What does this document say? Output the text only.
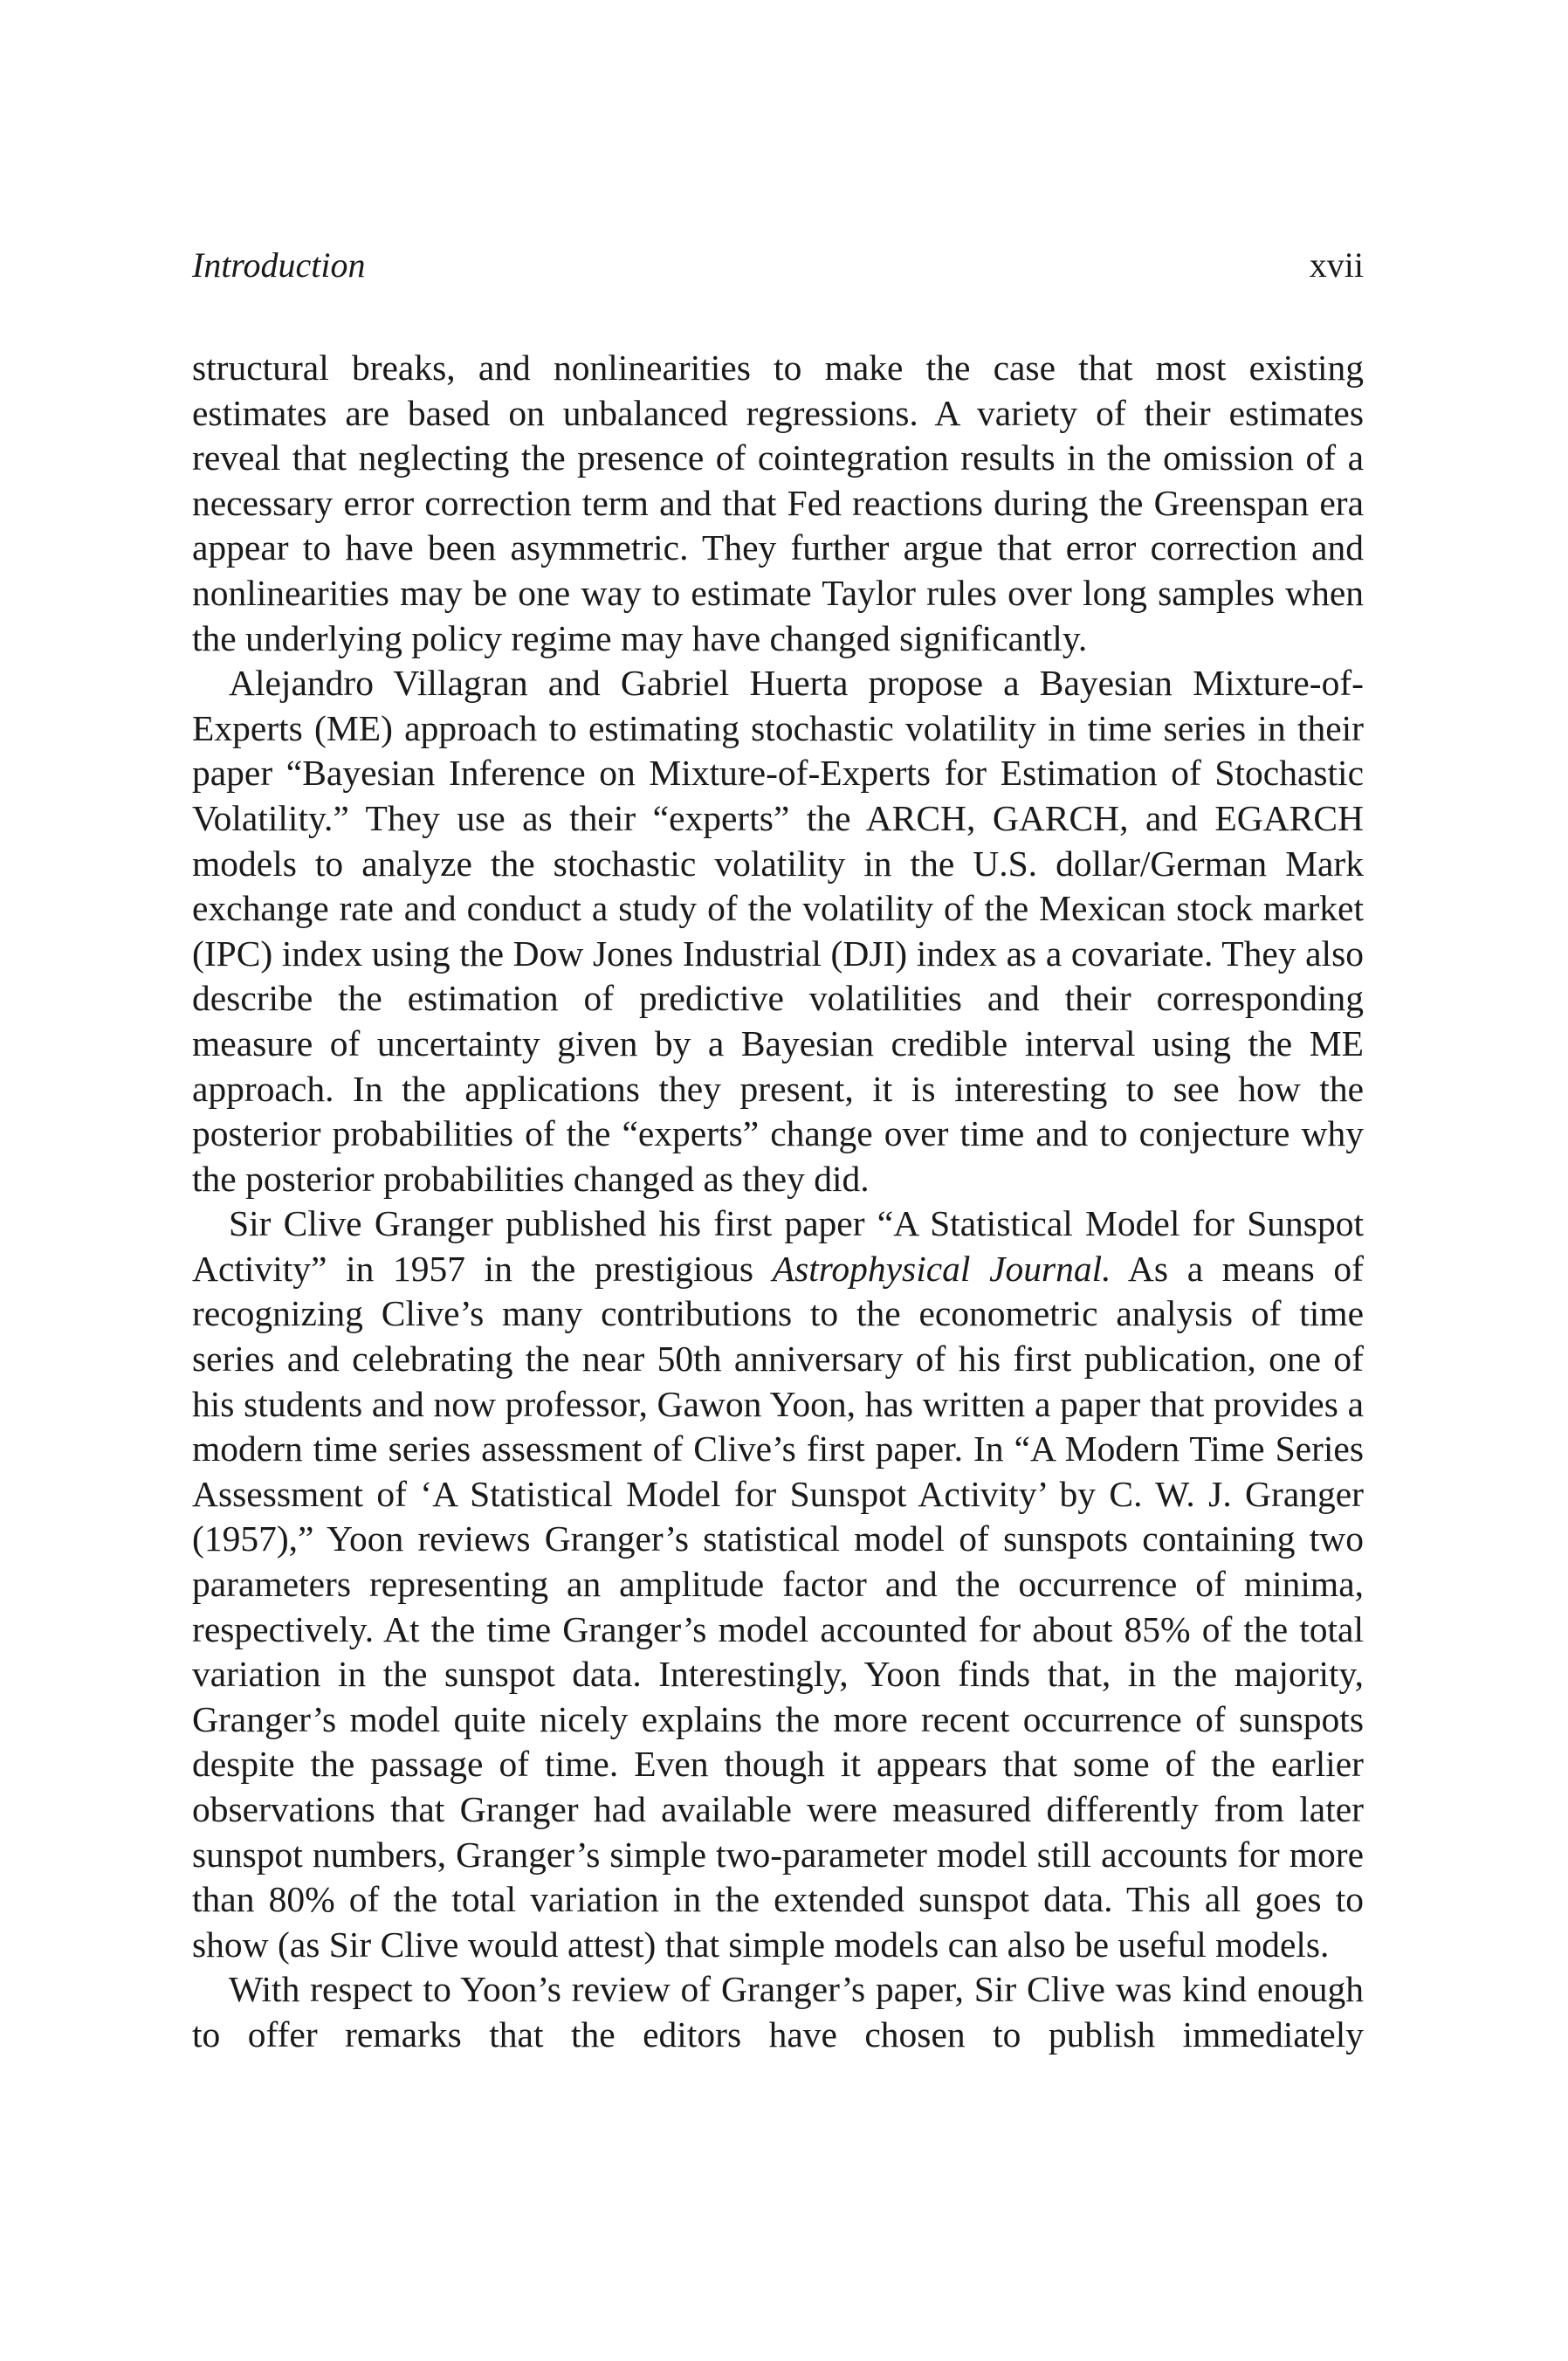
Introduction	xvii

structural breaks, and nonlinearities to make the case that most existing estimates are based on unbalanced regressions. A variety of their estimates reveal that neglecting the presence of cointegration results in the omission of a necessary error correction term and that Fed reactions during the Greenspan era appear to have been asymmetric. They further argue that error correction and nonlinearities may be one way to estimate Taylor rules over long samples when the underlying policy regime may have changed significantly.

Alejandro Villagran and Gabriel Huerta propose a Bayesian Mixture-of-Experts (ME) approach to estimating stochastic volatility in time series in their paper “Bayesian Inference on Mixture-of-Experts for Estimation of Stochastic Volatility.” They use as their “experts” the ARCH, GARCH, and EGARCH models to analyze the stochastic volatility in the U.S. dollar/German Mark exchange rate and conduct a study of the volatility of the Mexican stock market (IPC) index using the Dow Jones Industrial (DJI) index as a covariate. They also describe the estimation of predictive volatilities and their corresponding measure of uncertainty given by a Bayesian credible interval using the ME approach. In the applications they present, it is interesting to see how the posterior probabilities of the “experts” change over time and to conjecture why the posterior probabilities changed as they did.

Sir Clive Granger published his first paper “A Statistical Model for Sunspot Activity” in 1957 in the prestigious Astrophysical Journal. As a means of recognizing Clive’s many contributions to the econometric analysis of time series and celebrating the near 50th anniversary of his first publication, one of his students and now professor, Gawon Yoon, has written a paper that provides a modern time series assessment of Clive’s first paper. In “A Modern Time Series Assessment of ‘A Statistical Model for Sunspot Activity’ by C. W. J. Granger (1957),” Yoon reviews Granger’s statistical model of sunspots containing two parameters representing an amplitude factor and the occurrence of minima, respectively. At the time Granger’s model accounted for about 85% of the total variation in the sunspot data. Interestingly, Yoon finds that, in the majority, Granger’s model quite nicely explains the more recent occurrence of sunspots despite the passage of time. Even though it appears that some of the earlier observations that Granger had available were measured differently from later sunspot numbers, Granger’s simple two-parameter model still accounts for more than 80% of the total variation in the extended sunspot data. This all goes to show (as Sir Clive would attest) that simple models can also be useful models.

With respect to Yoon’s review of Granger’s paper, Sir Clive was kind enough to offer remarks that the editors have chosen to publish immediately
